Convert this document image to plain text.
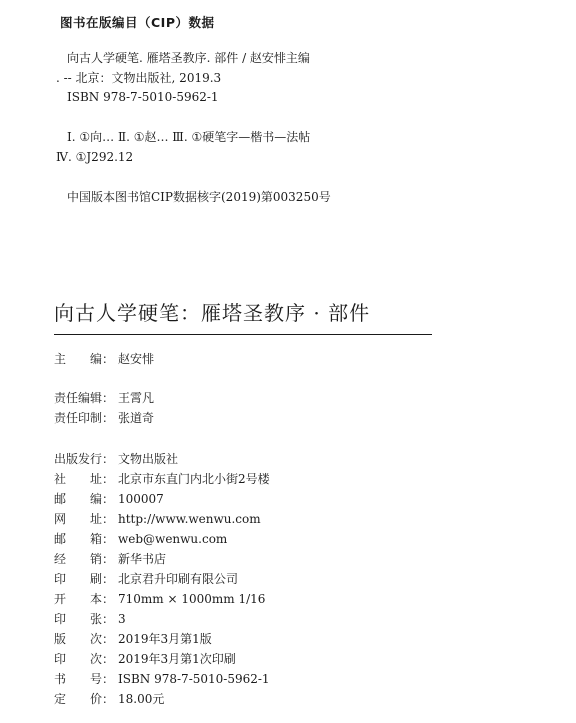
图书在版编目（CIP）数据
向古人学硬笔. 雁塔圣教序. 部件 / 赵安悱主编
. -- 北京：文物出版社, 2019.3
ISBN 978-7-5010-5962-1
Ⅰ. ①向… Ⅱ. ①赵… Ⅲ. ①硬笔字—楷书—法帖
Ⅳ. ①J292.12
中国版本图书馆CIP数据核字(2019)第003250号
向古人学硬笔：雁塔圣教序 · 部件
主　　编： 赵安悱
责任编辑： 王霄凡
责任印制： 张道奇
出版发行： 文物出版社
社　　址： 北京市东直门内北小街2号楼
邮　　编： 100007
网　　址： http://www.wenwu.com
邮　　箱： web@wenwu.com
经　　销： 新华书店
印　　刷： 北京君升印刷有限公司
开　　本： 710mm × 1000mm 1/16
印　　张： 3
版　　次： 2019年3月第1版
印　　次： 2019年3月第1次印刷
书　　号： ISBN 978-7-5010-5962-1
定　　价： 18.00元
